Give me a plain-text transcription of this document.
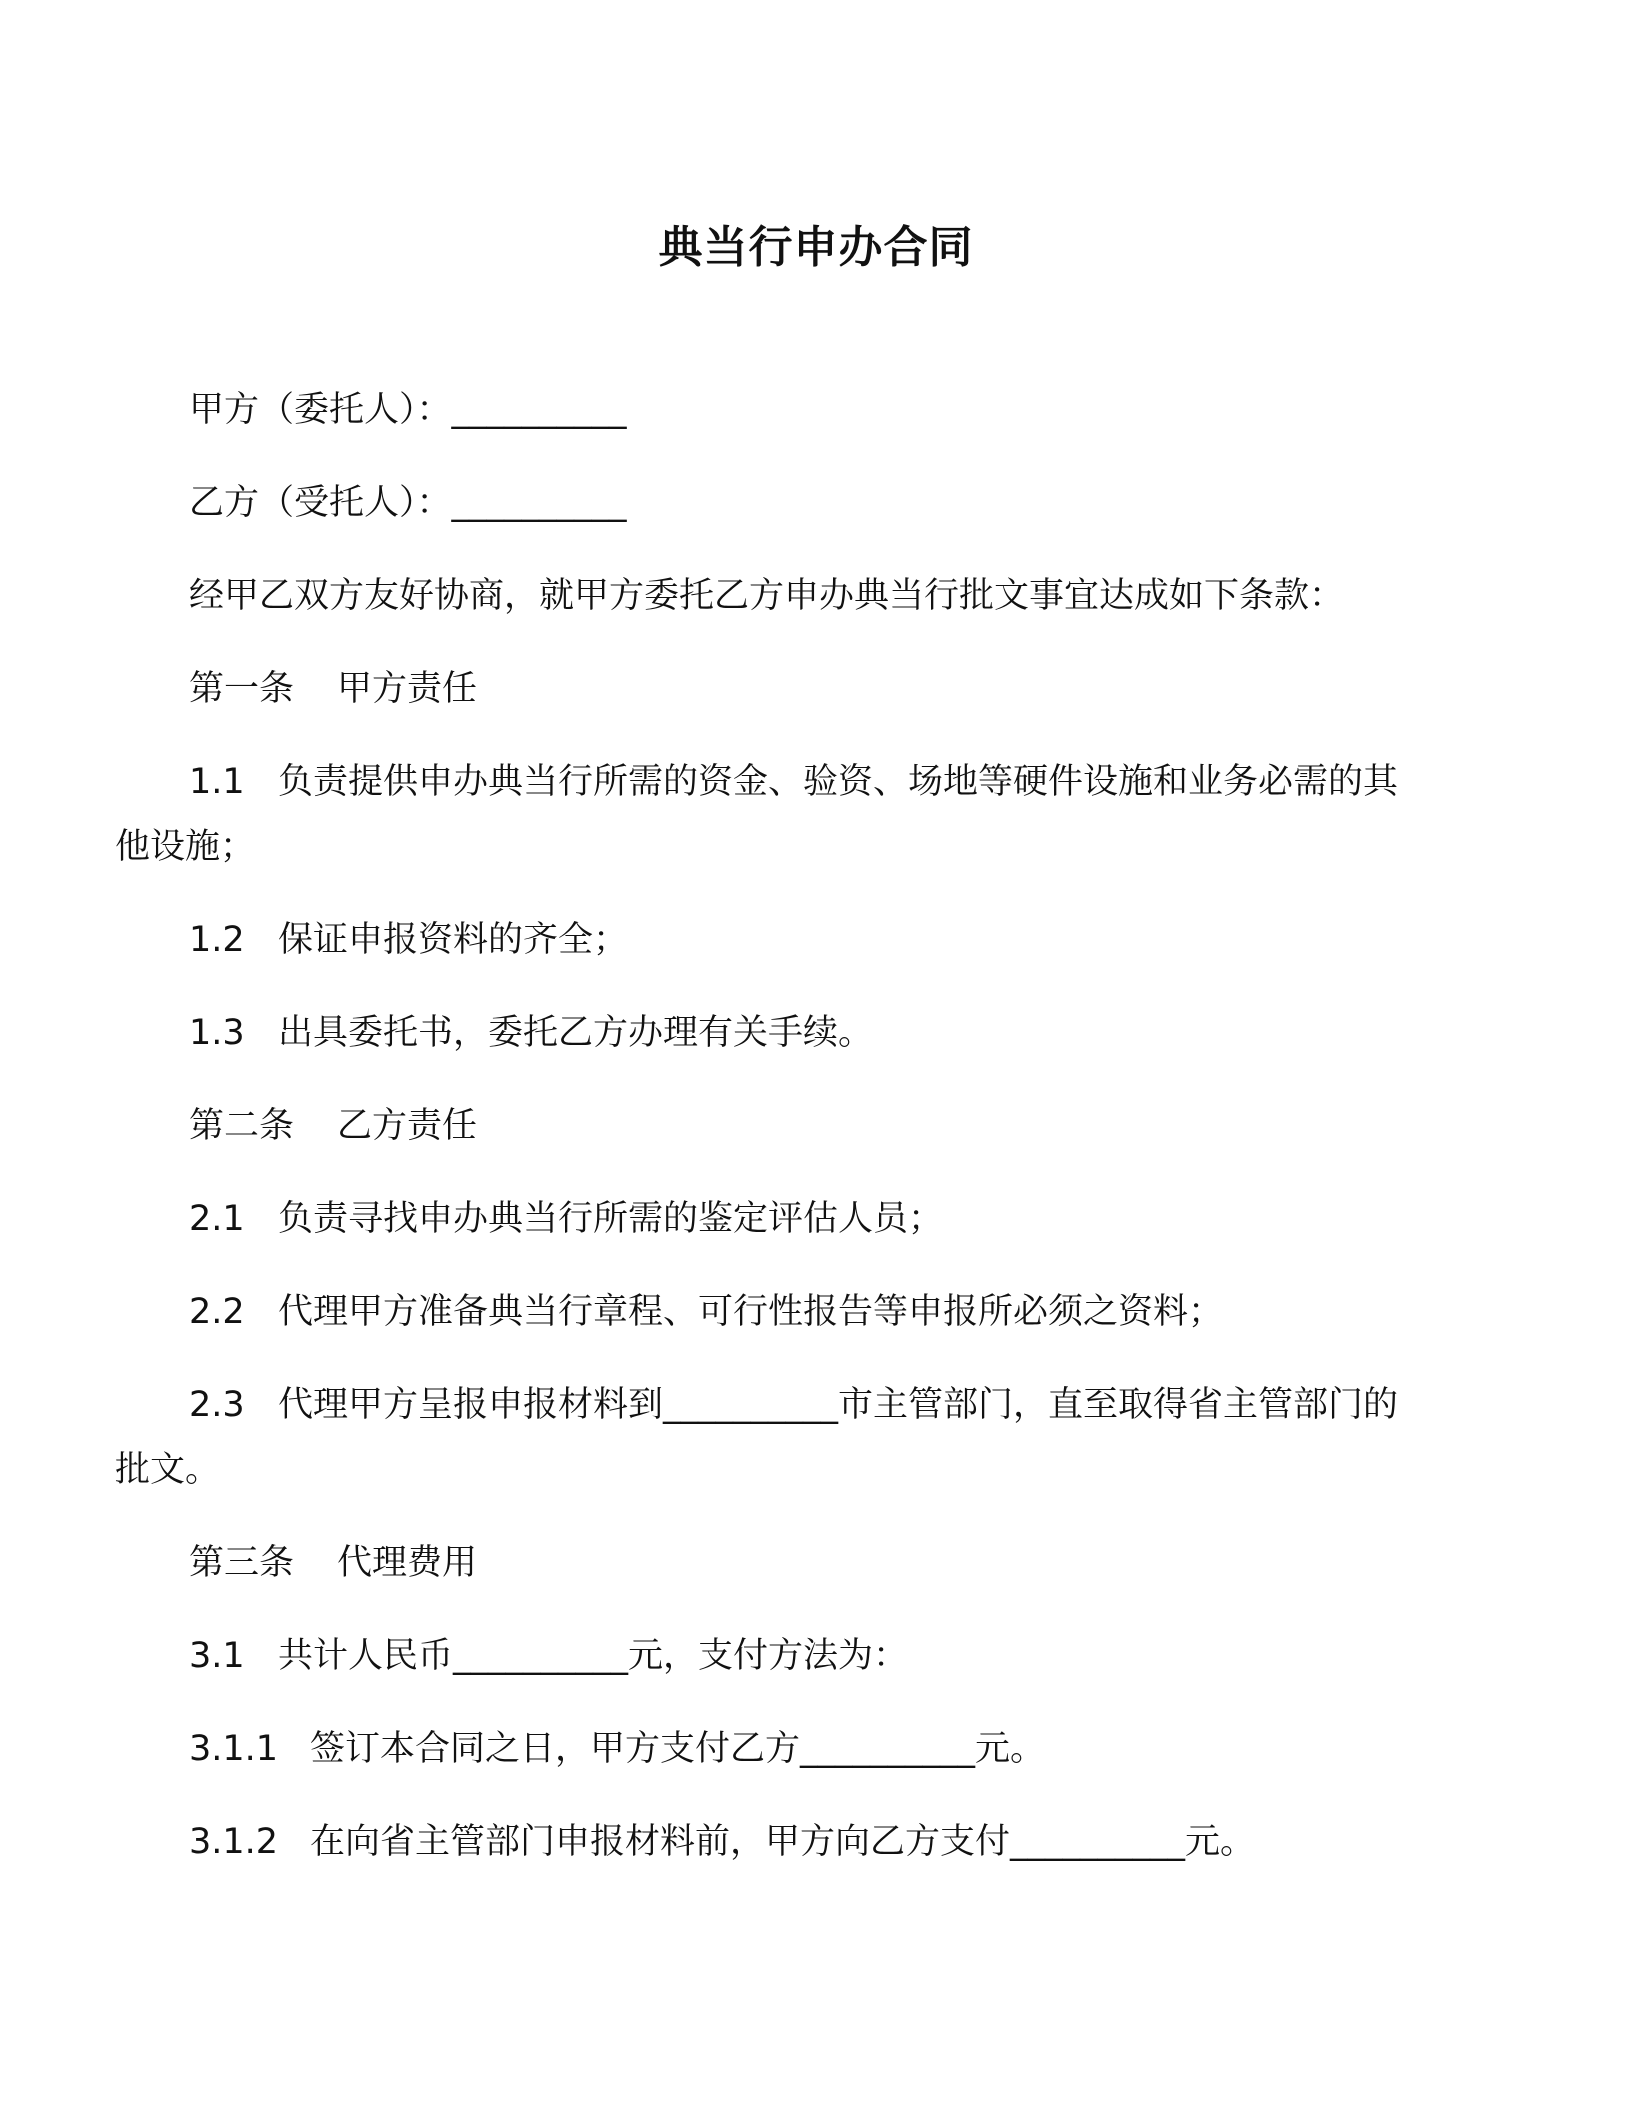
典当行申办合同
甲方（委托人）：__________
乙方（受托人）：__________
经甲乙双方友好协商，就甲方委托乙方申办典当行批文事宜达成如下条款：
第一条 甲方责任
1.1 负责提供申办典当行所需的资金、验资、场地等硬件设施和业务必需的其
他设施；
1.2 保证申报资料的齐全；
1.3 出具委托书，委托乙方办理有关手续。
第二条 乙方责任
2.1 负责寻找申办典当行所需的鉴定评估人员；
2.2 代理甲方准备典当行章程、可行性报告等申报所必须之资料；
2.3 代理甲方呈报申报材料到__________市主管部门，直至取得省主管部门的
批文。
第三条 代理费用
3.1 共计人民币__________元，支付方法为：
3.1.1 签订本合同之日，甲方支付乙方__________元。
3.1.2 在向省主管部门申报材料前，甲方向乙方支付__________元。
